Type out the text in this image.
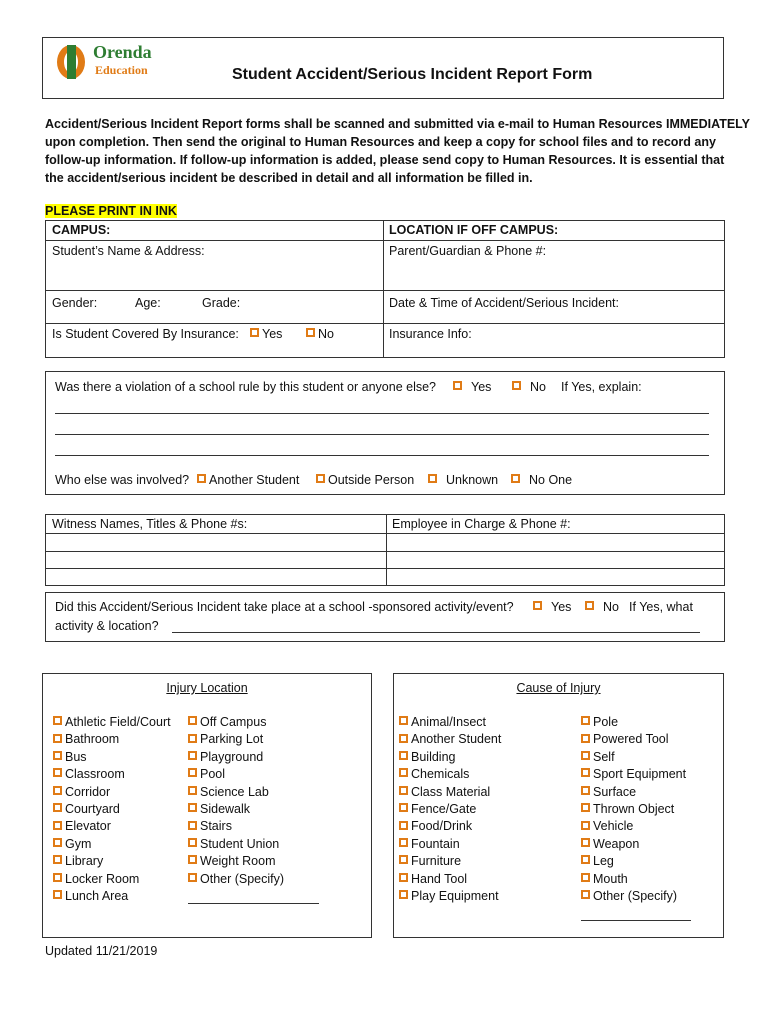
Orenda
Education	Student Accident/Serious Incident Report Form
Accident/Serious Incident Report forms shall be scanned and submitted via e-mail to Human Resources IMMEDIATELY
upon completion. Then send the original to Human Resources and keep a copy for school files and to record any
follow-up information. If follow-up information is added, please send copy to Human Resources. It is essential that
the accident/serious incident be described in detail and all information be filled in.
PLEASE PRINT IN INK
CAMPUS:	LOCATION IF OFF CAMPUS:
Student’s Name & Address:	Parent/Guardian & Phone #:
Gender:	Age:	Grade:	Date & Time of Accident/Serious Incident:
Is Student Covered By Insurance:	Yes	No	Insurance Info:
Was there a violation of a school rule by this student or anyone else?	Yes	No If Yes, explain:
Who else was involved?	Another Student	Outside Person	Unknown	No One
Witness Names, Titles & Phone #s:	Employee in Charge & Phone #:
Did this Accident/Serious Incident take place at a school -sponsored activity/event?	Yes	No If Yes, what
activity & location?
Injury Location
Athletic Field/Court
Bathroom
Bus
Classroom
Corridor
Courtyard
Elevator
Gym
Library
Locker Room
Lunch Area
Off Campus
Parking Lot
Playground
Pool
Science Lab
Sidewalk
Stairs
Student Union
Weight Room
Other (Specify)
Cause of Injury
Animal/Insect
Another Student
Building
Chemicals
Class Material
Fence/Gate
Food/Drink
Fountain
Furniture
Hand Tool
Play Equipment
Pole
Powered Tool
Self
Sport Equipment
Surface
Thrown Object
Vehicle
Weapon
Leg
Mouth
Other (Specify)
Updated 11/21/2019
